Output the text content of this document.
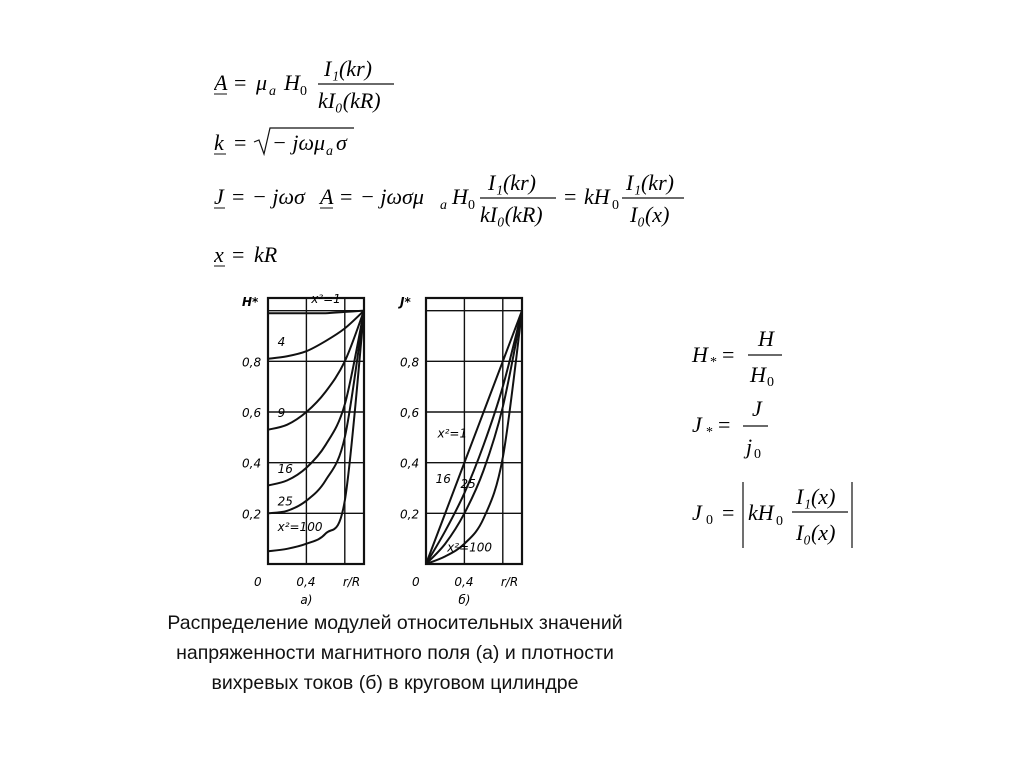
A = μ a H 0
I₁(kr)
kI₀(kR)
k = − jωμ a σ
J = − jωσ A = − jωσμ a H 0
I₁(kr)
kI₀(kR)
= kH 0
I₁(kr)
I₀(x)
x = kR
0,8
0,6
0,4
0,2
H*
0	0,4 r/R
а)
x²=1
4
9
16
25
x²=100
0,8
0,6
0,4
0,2
J*
0	0,4 r/R
б)
x²=1
16 25
x²=100
H * =
H
H 0
J * =
J
j 0
J 0 = kH 0
I₁(x)
I₀(x)
Распределение модулей относительных значений
напряженности магнитного поля (а) и плотности
вихревых токов (б) в круговом цилиндре
